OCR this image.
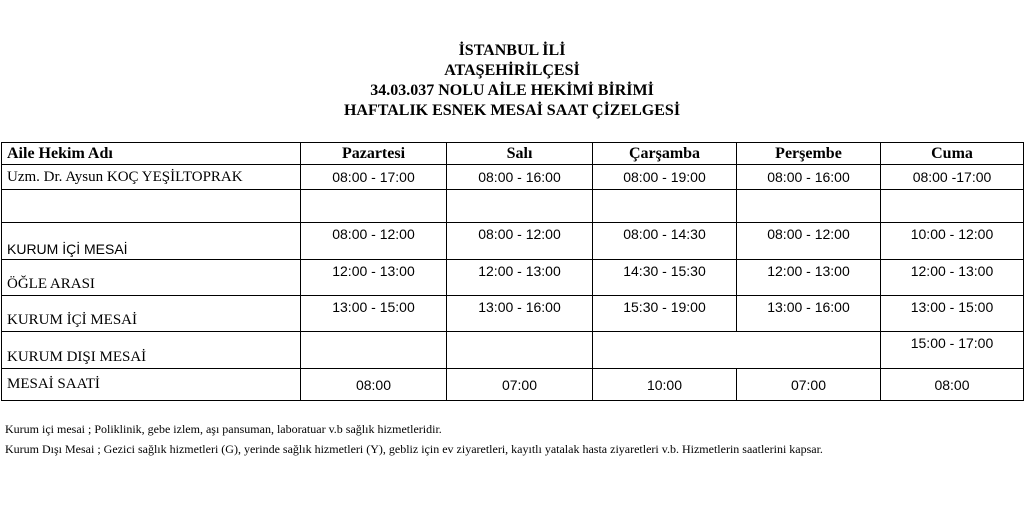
İSTANBUL İLİ
ATAŞEHİRİLÇESİ
34.03.037 NOLU AİLE HEKİMİ BİRİMİ
HAFTALIK ESNEK MESAİ SAAT ÇİZELGESİ
Aile Hekim Adı	Pazartesi	Salı	Çarşamba	Perşembe	Cuma
Uzm. Dr. Aysun KOÇ YEŞİLTOPRAK	08:00 - 17:00	08:00 - 16:00	08:00 - 19:00	08:00 - 16:00	08:00 -17:00

KURUM İÇİ MESAİ	08:00 - 12:00	08:00 - 12:00	08:00 - 14:30	08:00 - 12:00	10:00 - 12:00
ÖĞLE ARASI	12:00 - 13:00	12:00 - 13:00	14:30 - 15:30	12:00 - 13:00	12:00 - 13:00
KURUM İÇİ MESAİ	13:00 - 15:00	13:00 - 16:00	15:30 - 19:00	13:00 - 16:00	13:00 - 15:00
KURUM DIŞI MESAİ					15:00 - 17:00
MESAİ SAATİ	08:00	07:00	10:00	07:00	08:00

Kurum içi mesai ; Poliklinik, gebe izlem, aşı pansuman, laboratuar v.b sağlık hizmetleridir.

Kurum Dışı Mesai ; Gezici sağlık hizmetleri (G), yerinde sağlık hizmetleri (Y), gebliz için ev ziyaretleri, kayıtlı yatalak hasta ziyaretleri v.b. Hizmetlerin saatlerini kapsar.
